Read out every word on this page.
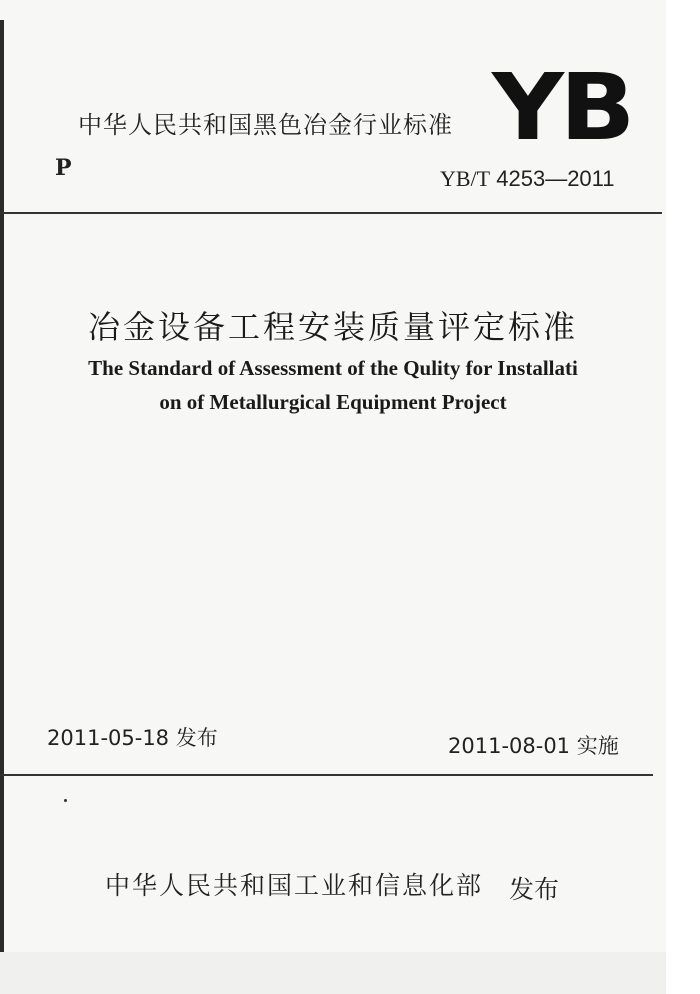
中华人民共和国黑色冶金行业标准 YB
P	YB/T 4253—2011
冶金设备工程安装质量评定标准
The Standard of Assessment of the Qulity for Installati
on of Metallurgical Equipment Project
2011-05-18 发布	2011-08-01 实施
中华人民共和国工业和信息化部 发布
